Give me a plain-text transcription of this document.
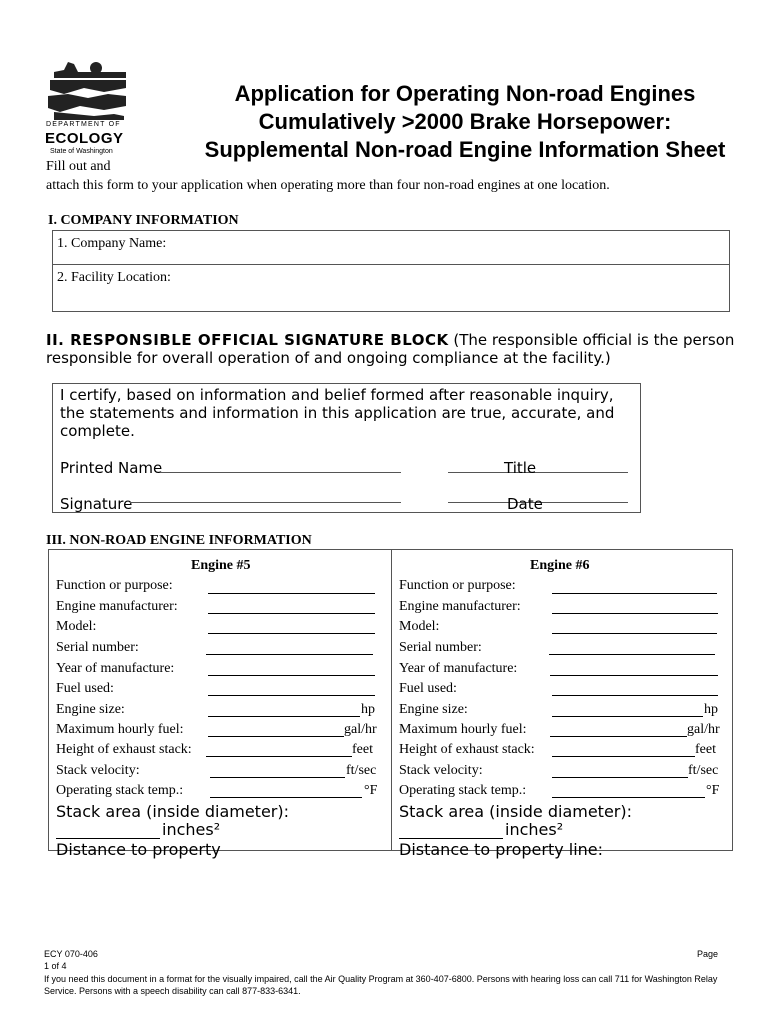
DEPARTMENT OF
ECOLOGY
State of Washington
Application for Operating Non-road Engines
Cumulatively >2000 Brake Horsepower:
Supplemental Non-road Engine Information Sheet
Fill out and
attach this form to your application when operating more than four non-road engines at one location.
I. COMPANY INFORMATION
1. Company Name:
2. Facility Location:
II. RESPONSIBLE OFFICIAL SIGNATURE BLOCK (The responsible official is the person responsible for overall operation of and ongoing compliance at the facility.)
I certify, based on information and belief formed after reasonable inquiry, the statements and information in this application are true, accurate, and complete.
Printed Name	Title
Signature	Date
III. NON-ROAD ENGINE INFORMATION
Engine #5
Function or purpose:
Engine manufacturer:
Model:
Serial number:
Year of manufacture:
Fuel used:
Engine size:	hp
Maximum hourly fuel:	gal/hr
Height of exhaust stack:	feet
Stack velocity:	ft/sec
Operating stack temp.:	°F
Stack area (inside diameter):
inches²
Distance to property
Engine #6
Function or purpose:
Engine manufacturer:
Model:
Serial number:
Year of manufacture:
Fuel used:
Engine size:	hp
Maximum hourly fuel:	gal/hr
Height of exhaust stack:	feet
Stack velocity:	ft/sec
Operating stack temp.:	°F
Stack area (inside diameter):
inches²
Distance to property line:
ECY 070-406	Page
1 of 4
If you need this document in a format for the visually impaired, call the Air Quality Program at 360-407-6800. Persons with hearing loss can call 711 for Washington Relay Service. Persons with a speech disability can call 877-833-6341.
